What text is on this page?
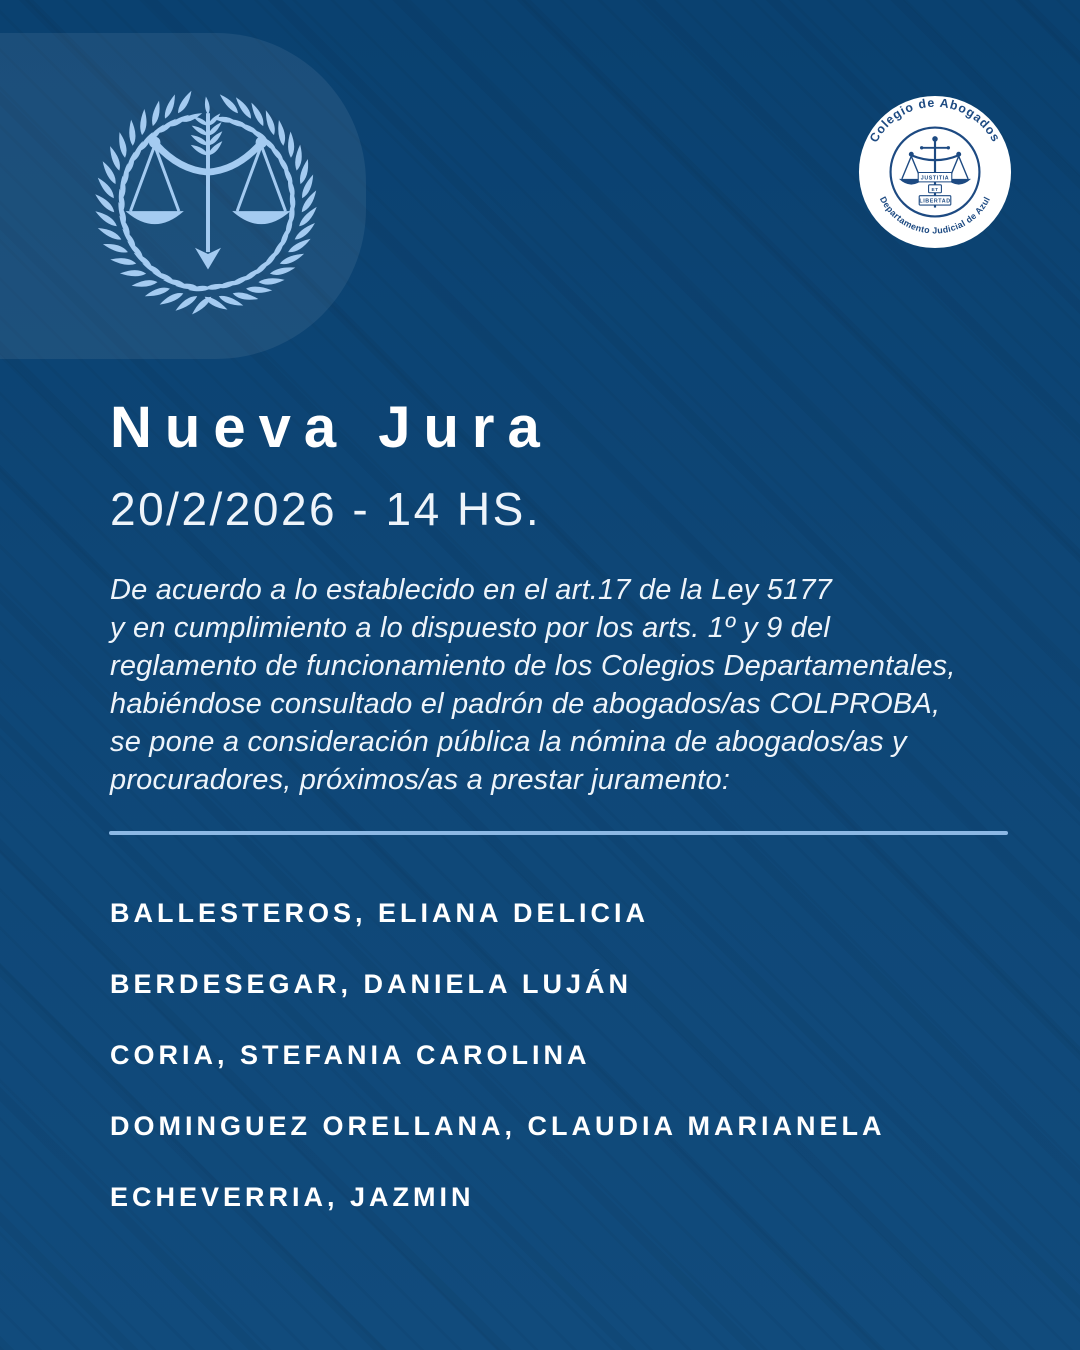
Colegio de Abogados
Departamento Judicial de Azul
JUSTITIA
ET
LIBERTAD
Nueva Jura
20/2/2026 - 14 HS.
De acuerdo a lo establecido en el art.17 de la Ley 5177
y en cumplimiento a lo dispuesto por los arts. 1º y 9 del
reglamento de funcionamiento de los Colegios Departamentales,
habiéndose consultado el padrón de abogados/as COLPROBA,
se pone a consideración pública la nómina de abogados/as y
procuradores, próximos/as a prestar juramento:
BALLESTEROS, ELIANA DELICIA
BERDESEGAR, DANIELA LUJÁN
CORIA, STEFANIA CAROLINA
DOMINGUEZ ORELLANA, CLAUDIA MARIANELA
ECHEVERRIA, JAZMIN
